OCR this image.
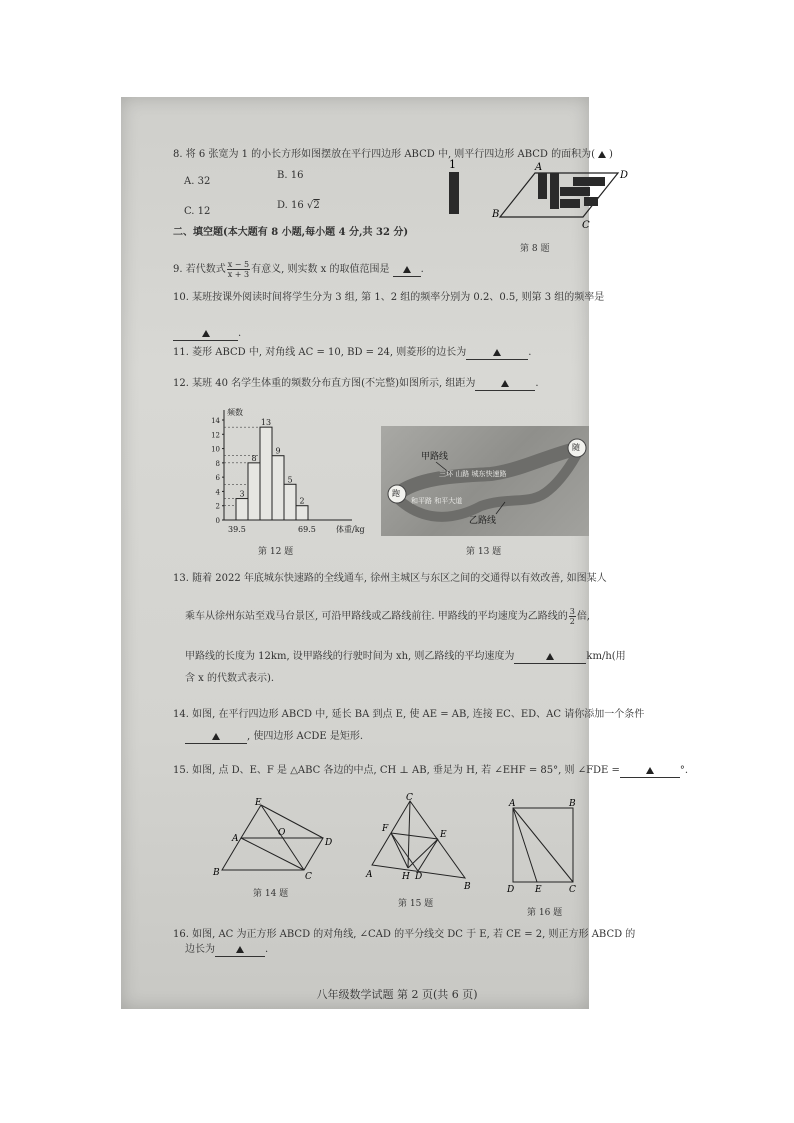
8. 将 6 张宽为 1 的小长方形如图摆放在平行四边形 ABCD 中, 则平行四边形 ABCD 的面积为( )
A. 32
B. 16
C. 12
D. 16 √2
1	A
D
B
C
第 8 题
二、填空题(本大题有 8 小题,每小题 4 分,共 32 分)
9. 若代数式 $\frac{x - 5}{x + 3}$ 有意义, 则实数 x 的取值范围是	.
10. 某班按课外阅读时间将学生分为 3 组, 第 1、2 组的频率分别为 0.2、0.5, 则第 3 组的频率是
.
11. 菱形 ABCD 中, 对角线 AC = 10, BD = 24, 则菱形的边长为	.
12. 某班 40 名学生体重的频数分布直方图(不完整)如图所示, 组距为	.
0
2
4
6
8
10
12
14
3
8
13
9
5
2
频数
39.5	69.5	体重/kg
第 12 题
甲路线
乙路线
跑
随
三环 山路 城东快速路
和平路 和平大道
第 13 题
13. 随着 2022 年底城东快速路的全线通车, 徐州主城区与东区之间的交通得以有效改善, 如图某人
乘车从徐州东站至戏马台景区, 可沿甲路线或乙路线前往. 甲路线的平均速度为乙路线的 $\frac{3}{2}$ 倍,
甲路线的长度为 12km, 设甲路线的行驶时间为 xh, 则乙路线的平均速度为	km/h(用
含 x 的代数式表示).
14. 如图, 在平行四边形 ABCD 中, 延长 BA 到点 E, 使 AE = AB, 连接 EC、ED、AC 请你添加一个条件
, 使四边形 ACDE 是矩形.
15. 如图, 点 D、E、F 是 △ABC 各边的中点, CH ⊥ AB, 垂足为 H, 若 ∠EHF = 85°, 则 ∠FDE =	°.
E
A
O
D
B	C
第 14 题
C
F
E
A	H D
B
第 15 题
A	B
D E	C
第 16 题
16. 如图, AC 为正方形 ABCD 的对角线, ∠CAD 的平分线交 DC 于 E, 若 CE = 2, 则正方形 ABCD 的
边长为	.
八年级数学试题 第 2 页(共 6 页)
